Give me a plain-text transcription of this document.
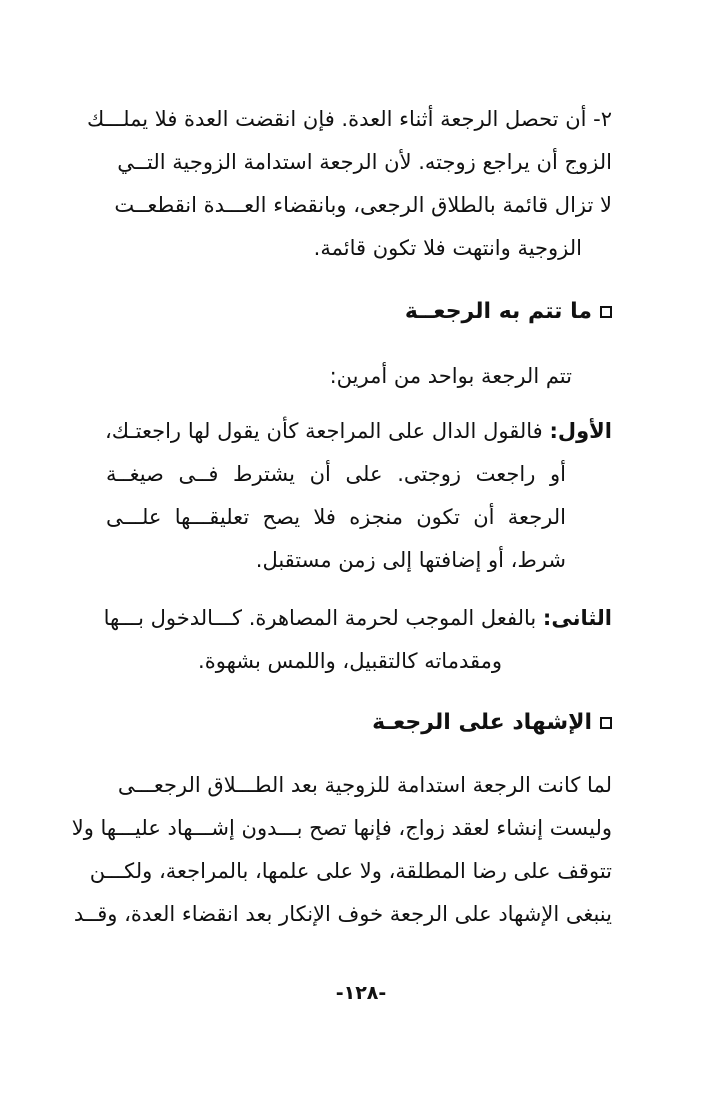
٢- أن تحصل الرجعة أثناء العدة. فإن انقضت العدة فلا يملـــك
الزوج أن يراجع زوجته. لأن الرجعة استدامة الزوجية التــي
لا تزال قائمة بالطلاق الرجعى، وبانقضاء العـــدة انقطعــت
الزوجية وانتهت فلا تكون قائمة.
ما تتم به الرجعــة
تتم الرجعة بواحد من أمرين:
الأول: فالقول الدال على المراجعة كأن يقول لها راجعتـك،
أو راجعت زوجتى. على أن يشترط فــى صيغــة
الرجعة أن تكون منجزه فلا يصح تعليقـــها علـــى
شرط، أو إضافتها إلى زمن مستقبل.
الثانى: بالفعل الموجب لحرمة المصاهرة. كـــالدخول بـــها
ومقدماته كالتقبيل، واللمس بشهوة.
الإشهاد على الرجعـة
لما كانت الرجعة استدامة للزوجية بعد الطـــلاق الرجعـــى
وليست إنشاء لعقد زواج، فإنها تصح بـــدون إشـــهاد عليـــها ولا
تتوقف على رضا المطلقة، ولا على علمها، بالمراجعة، ولكـــن
ينبغى الإشهاد على الرجعة خوف الإنكار بعد انقضاء العدة، وقــد
-١٢٨-
